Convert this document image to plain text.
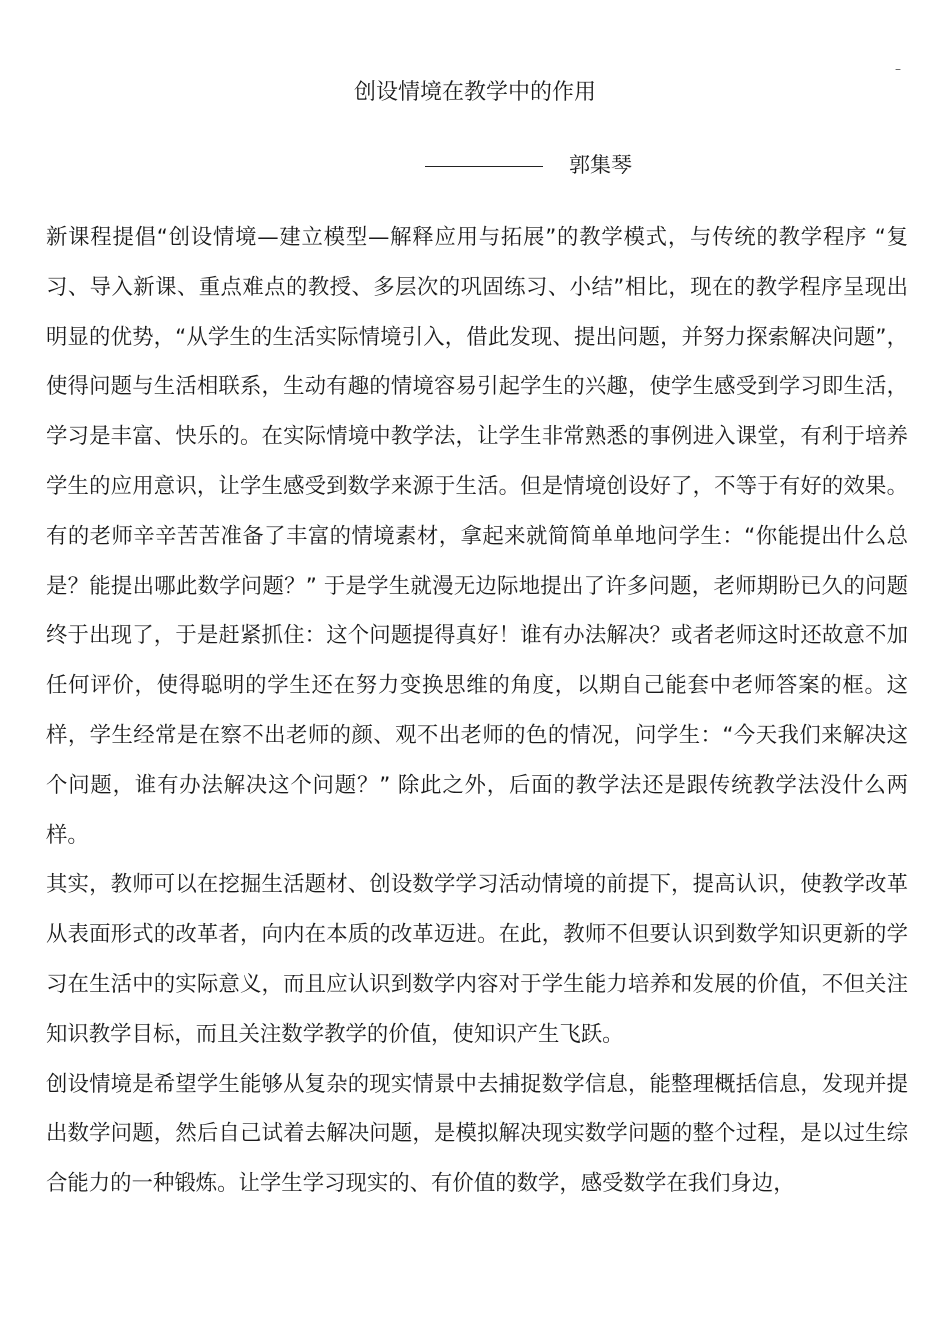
–
创设情境在教学中的作用
郭集琴

新课程提倡“创设情境—建立模型—解释应用与拓展”的教学模式，与传统的教学程序 “复习、导入新课、重点难点的教授、多层次的巩固练习、小结”相比，现在的教学程序呈现出明显的优势，“从学生的生活实际情境引入，借此发现、提出问题，并努力探索解决问题”，使得问题与生活相联系，生动有趣的情境容易引起学生的兴趣，使学生感受到学习即生活，学习是丰富、快乐的。在实际情境中教学法，让学生非常熟悉的事例进入课堂，有利于培养学生的应用意识，让学生感受到数学来源于生活。但是情境创设好了，不等于有好的效果。有的老师辛辛苦苦准备了丰富的情境素材，拿起来就简简单单地问学生：“你能提出什么总是？能提出哪此数学问题？” 于是学生就漫无边际地提出了许多问题，老师期盼已久的问题终于出现了，于是赶紧抓住：这个问题提得真好！谁有办法解决？或者老师这时还故意不加任何评价，使得聪明的学生还在努力变换思维的角度，以期自己能套中老师答案的框。这样，学生经常是在察不出老师的颜、观不出老师的色的情况，问学生：“今天我们来解决这个问题，谁有办法解决这个问题？” 除此之外，后面的教学法还是跟传统教学法没什么两样。

其实，教师可以在挖掘生活题材、创设数学学习活动情境的前提下，提高认识，使教学改革从表面形式的改革者，向内在本质的改革迈进。在此，教师不但要认识到数学知识更新的学习在生活中的实际意义，而且应认识到数学内容对于学生能力培养和发展的价值，不但关注知识教学目标，而且关注数学教学的价值，使知识产生飞跃。

创设情境是希望学生能够从复杂的现实情景中去捕捉数学信息，能整理概括信息，发现并提出数学问题，然后自己试着去解决问题，是模拟解决现实数学问题的整个过程，是以过生综合能力的一种锻炼。让学生学习现实的、有价值的数学，感受数学在我们身边，
